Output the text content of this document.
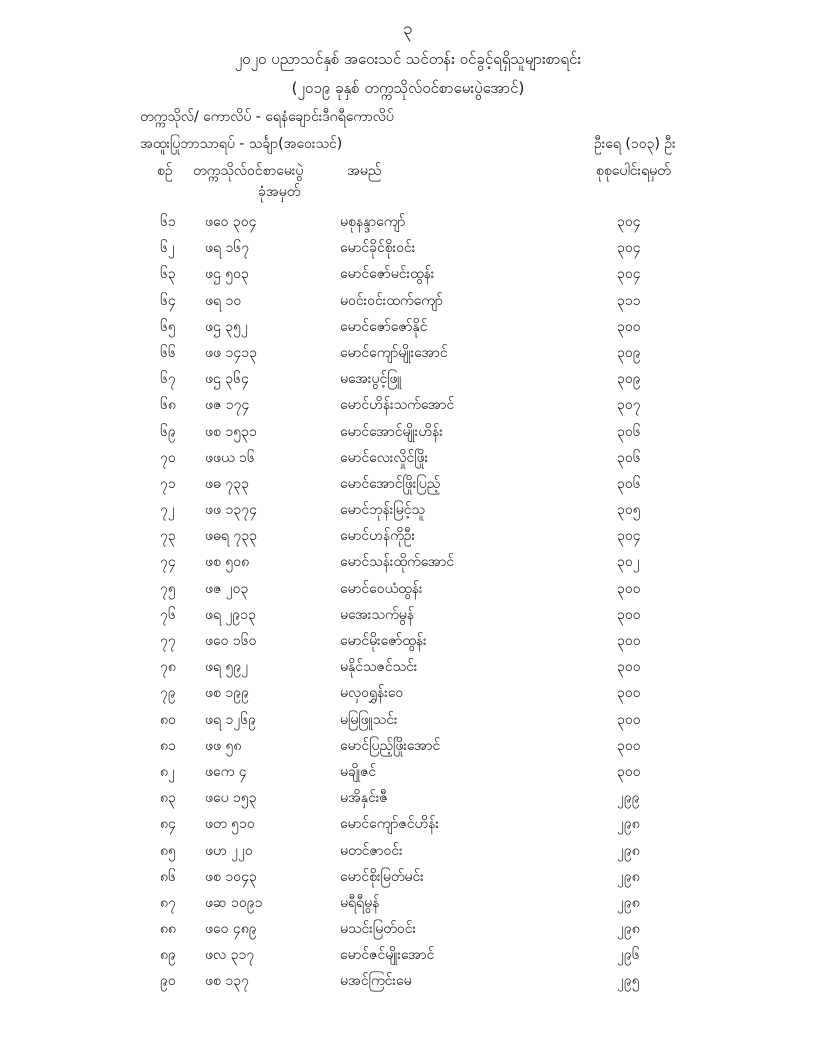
၃
၂၀၂၀ ပညာသင်နှစ် အဝေးသင် သင်တန်း ဝင်ခွင့်ရရှိသူများစာရင်း
(၂၀၁၉ ခုနှစ် တက္ကသိုလ်ဝင်စာမေးပွဲအောင်)
တက္ကသိုလ်/ ကောလိပ် - ရေနံချောင်းဒီဂရီကောလိပ်
အထူးပြုဘာသာရပ် - သင်္ချာ(အဝေးသင်)	ဦးရေ (၁၀၃) ဦး
စဉ် တက္ကသိုလ်ဝင်စာမေးပွဲ
ခုံအမှတ်
အမည်	စုစုပေါင်းရမှတ်
၆၁ ဖဝေ ၃၀၄	မစုနန္ဒာကျော်	၃၀၄
၆၂ ဖရ ၁၆၇	မောင်ခိုင်စိုးဝင်း	၃၀၄
၆၃ ဖဌ ၅၀၃	မောင်ဇော်မင်းထွန်း	၃၀၄
၆၄ ဖရ ၁၀	မဝင်းဝင်းထက်ကျော်	၃၁၁
၆၅ ဖဌ ၃၅၂	မောင်ဇော်ဇော်နိုင်	၃၀၀
၆၆ ဖဖ ၁၄၁၃	မောင်ကျော်မျိုးအောင်	၃၀၉
၆၇ ဖဌ ၃၆၄	မအေးပွင့်ဖြူ	၃၀၉
၆၈ ဖဇ ၁၇၄	မောင်ဟိန်းသက်အောင်	၃၀၇
၆၉ ဖစ ၁၅၃၁	မောင်အောင်မျိုးဟိန်း	၃၀၆
၇၀ ဖဖယ ၁၆	မောင်လေးလှိုင်ဖြိုး	၃၀၆
၇၁ ဖဓ ၇၃၃	မောင်အောင်ဖြိုးပြည့်	၃၀၆
၇၂ ဖဖ ၁၃၇၄	မောင်ဘုန်းမြင့်သူ	၃၀၅
၇၃ ဖဓရ ၇၃၃	မောင်ဟန်ကိုဦး	၃၀၄
၇၄ ဖစ ၅၀၈	မောင်သန်းထိုက်အောင်	၃၀၂
၇၅ ဖဇ ၂၀၃	မောင်ဝေယံထွန်း	၃၀၀
၇၆ ဖရ ၂၉၁၃	မအေးသက်မွန်	၃၀၀
၇၇ ဖဝေ ၁၆၀	မောင်မိုးဇော်ထွန်း	၃၀၀
၇၈ ဖရ ၅၉၂	မနိုင်သဇင်သင်း	၃၀၀
၇၉ ဖစ ၁၉၉	မလှဝရွှန်းဝေ	၃၀၀
၈၀ ဖရ ၁၂၆၉	မမြဖြူသင်း	၃၀၀
၈၁ ဖဖ ၅၈	မောင်ပြည့်ဖြိုးအောင်	၃၀၀
၈၂ ဖကေ ၄	မချိုဇင်	၃၀၀
၈၃ ဖပေ ၁၅၃	မအိနှင်းဇီ	၂၉၉
၈၄ ဖတ ၅၁၀	မောင်ကျော်ဇင်ဟိန်း	၂၉၈
၈၅ ဖဟ ၂၂၀	မတင်ဇာဝင်း	၂၉၈
၈၆ ဖစ ၁၀၄၃	မောင်စိုးမြတ်မင်း	၂၉၈
၈၇ ဖဆ ၁၀၉၁	မရီရီမွန်	၂၉၈
၈၈ ဖဝေ ၄၈၉	မသင်းမြတ်ဝင်း	၂၉၈
၈၉ ဖလ ၃၁၇	မောင်ဇင်မျိုးအောင်	၂၉၆
၉၀ ဖစ ၁၃၇	မအင်ကြင်းမေ	၂၉၅
